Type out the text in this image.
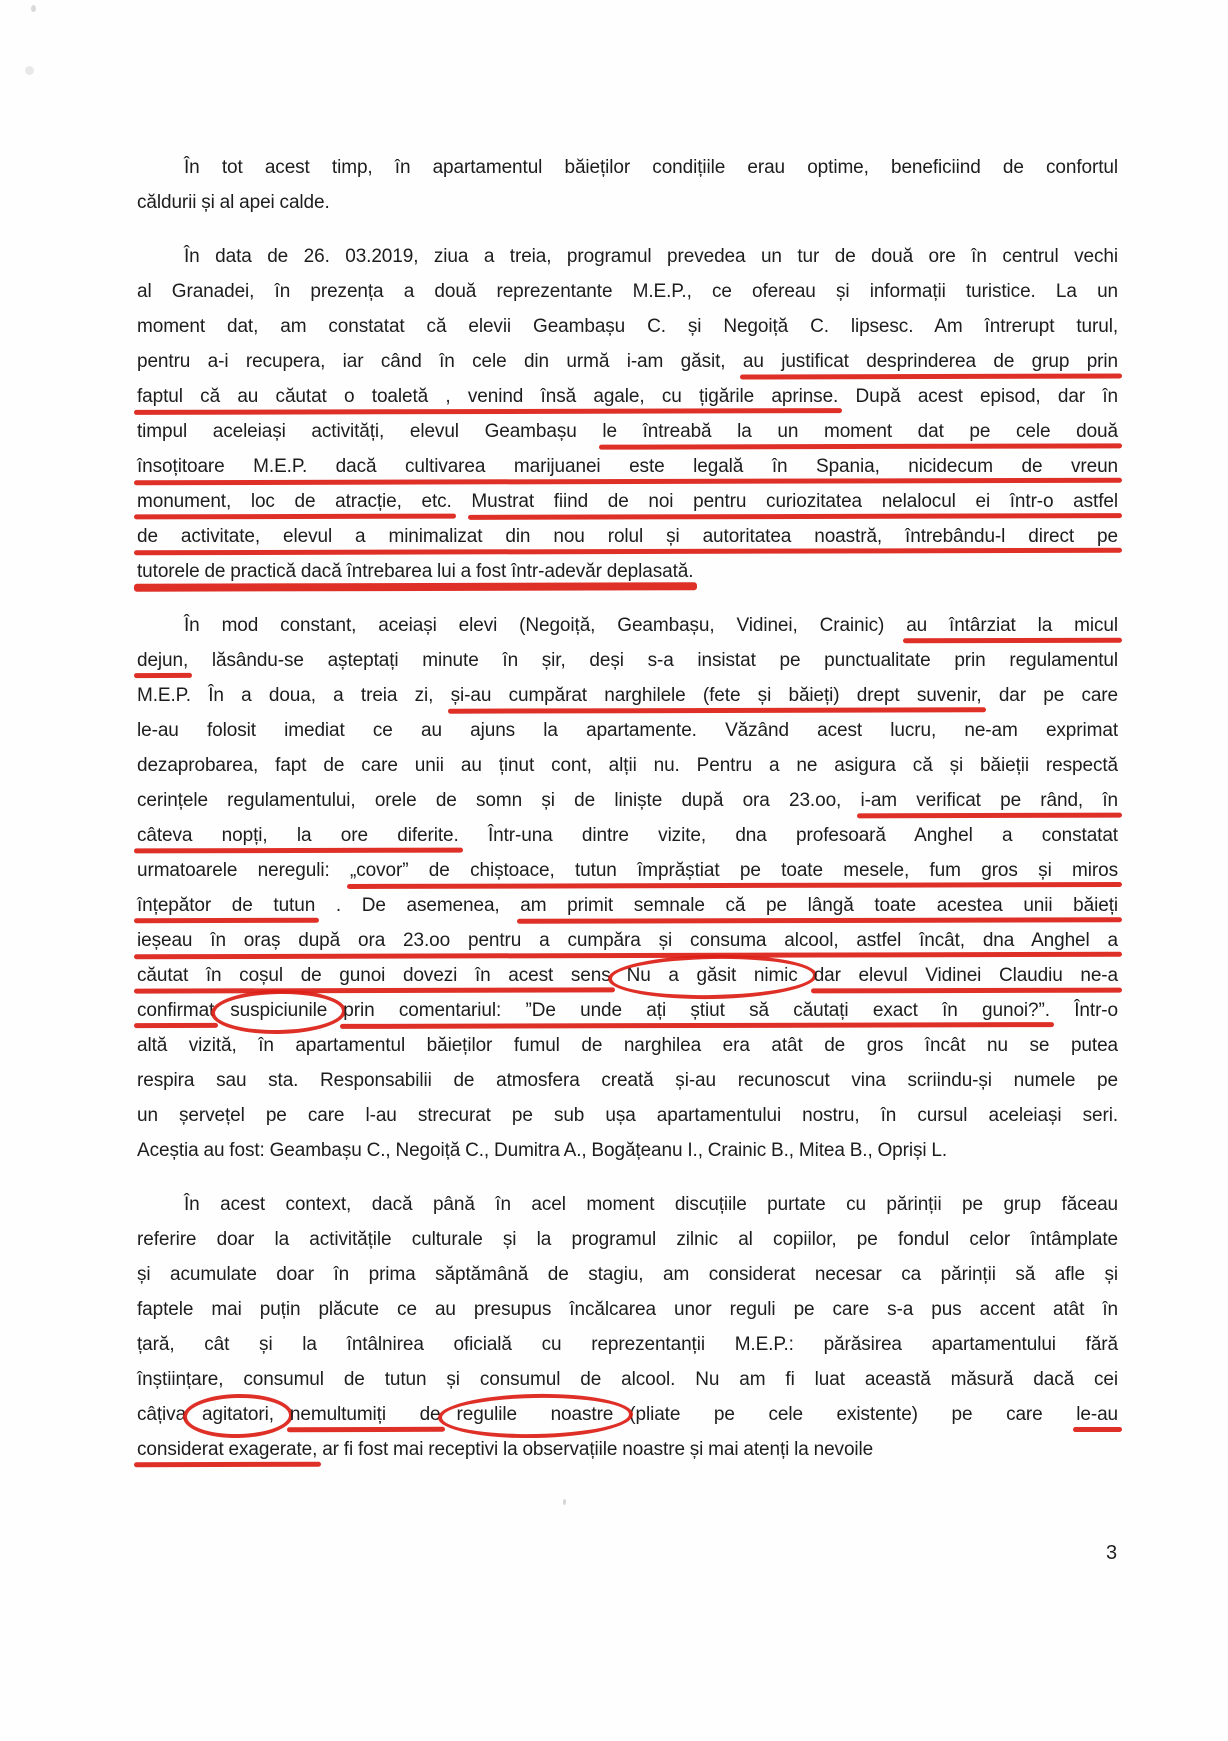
În tot acest timp, în apartamentul băieților condițiile erau optime, beneficiind de confortul
căldurii și al apei calde.
În data de 26. 03.2019, ziua a treia, programul prevedea un tur de două ore în centrul vechi
al Granadei, în prezența a două reprezentante M.E.P., ce ofereau și informații turistice. La un
moment dat, am constatat că elevii Geambașu C. și Negoiță C. lipsesc. Am întrerupt turul,
pentru a-i recupera, iar când în cele din urmă i-am găsit, au justificat desprinderea de grup prin
faptul că au căutat o toaletă , venind însă agale, cu țigările aprinse. După acest episod, dar în
timpul aceleiași activități, elevul Geambașu le întreabă la un moment dat pe cele două
însoțitoare M.E.P. dacă cultivarea marijuanei este legală în Spania, nicidecum de vreun
monument, loc de atracție, etc. Mustrat fiind de noi pentru curiozitatea nelalocul ei într-o astfel
de activitate, elevul a minimalizat din nou rolul și autoritatea noastră, întrebându-l direct pe
tutorele de practică dacă întrebarea lui a fost într-adevăr deplasată.
În mod constant, aceiași elevi (Negoiță, Geambașu, Vidinei, Crainic) au întârziat la micul
dejun, lăsându-se așteptați minute în șir, deși s-a insistat pe punctualitate prin regulamentul
M.E.P. În a doua, a treia zi, și-au cumpărat narghilele (fete și băieți) drept suvenir, dar pe care
le-au folosit imediat ce au ajuns la apartamente. Văzând acest lucru, ne-am exprimat
dezaprobarea, fapt de care unii au ținut cont, alții nu. Pentru a ne asigura că și băieții respectă
cerințele regulamentului, orele de somn și de liniște după ora 23.oo, i-am verificat pe rând, în
câteva nopți, la ore diferite. Într-una dintre vizite, dna profesoară Anghel a constatat
urmatoarele nereguli: „covor” de chiștoace, tutun împrăștiat pe toate mesele, fum gros și miros
înțepător de tutun . De asemenea, am primit semnale că pe lângă toate acestea unii băieți
ieșeau în oraș după ora 23.oo pentru a cumpăra și consuma alcool, astfel încât, dna Anghel a
căutat în coșul de gunoi dovezi în acest sens Nu a găsit nimic dar elevul Vidinei Claudiu ne-a
confirmat suspiciunile prin comentariul: ”De unde ați știut să căutați exact în gunoi?”. Într-o
altă vizită, în apartamentul băieților fumul de narghilea era atât de gros încât nu se putea
respira sau sta. Responsabilii de atmosfera creată și-au recunoscut vina scriindu-și numele pe
un șervețel pe care l-au strecurat pe sub ușa apartamentului nostru, în cursul aceleiași seri.
Aceștia au fost: Geambașu C., Negoiță C., Dumitra A., Bogățeanu I., Crainic B., Mitea B., Opriși L.
În acest context, dacă până în acel moment discuțiile purtate cu părinții pe grup făceau
referire doar la activitățile culturale și la programul zilnic al copiilor, pe fondul celor întâmplate
și acumulate doar în prima săptămână de stagiu, am considerat necesar ca părinții să afle și
faptele mai puțin plăcute ce au presupus încălcarea unor reguli pe care s-a pus accent atât în
țară, cât și la întâlnirea oficială cu reprezentanții M.E.P.: părăsirea apartamentului fără
înștiințare, consumul de tutun și consumul de alcool. Nu am fi luat această măsură dacă cei
câțiva agitatori, nemultumiți de regulile noastre (pliate pe cele existente) pe care le-au
considerat exagerate, ar fi fost mai receptivi la observațiile noastre și mai atenți la nevoile
3
